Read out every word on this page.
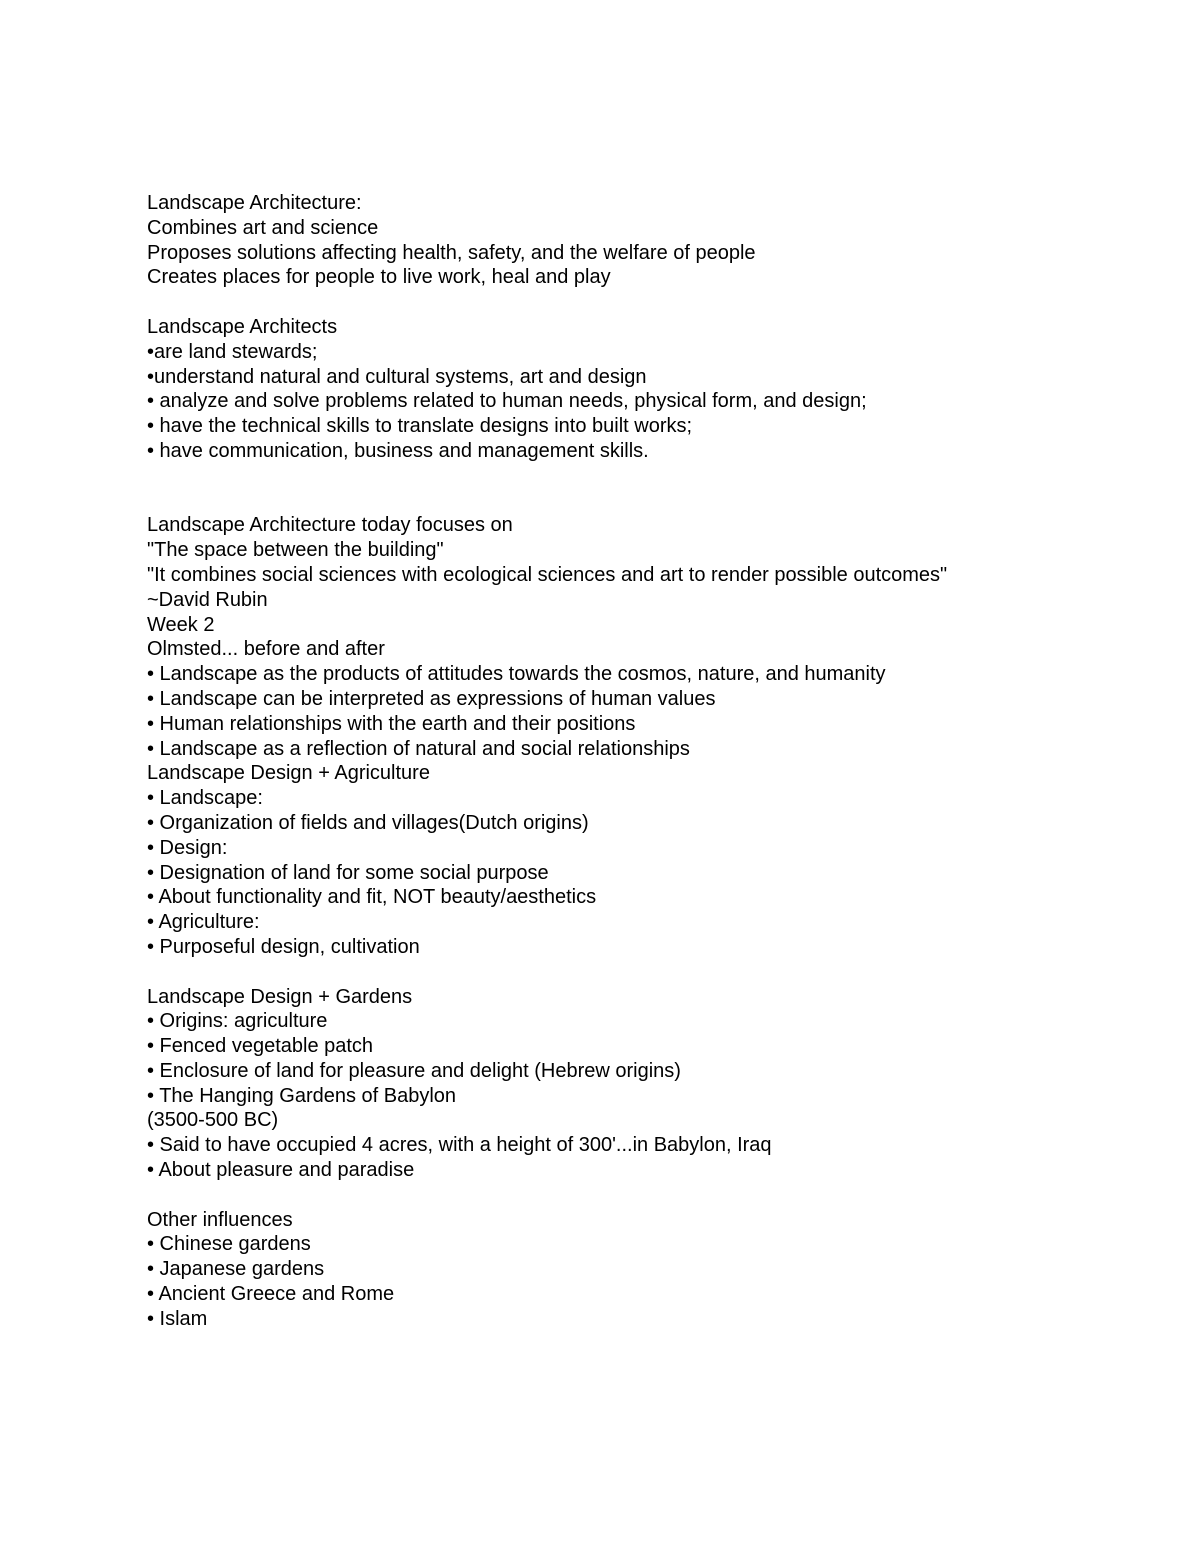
Landscape Architecture:
Combines art and science
Proposes solutions affecting health, safety, and the welfare of people
Creates places for people to live work, heal and play
Landscape Architects
•are land stewards;
•understand natural and cultural systems, art and design
• analyze and solve problems related to human needs, physical form, and design;
• have the technical skills to translate designs into built works;
• have communication, business and management skills.
Landscape Architecture today focuses on
"The space between the building"
"It combines social sciences with ecological sciences and art to render possible outcomes"
~David Rubin
Week 2
Olmsted... before and after
• Landscape as the products of attitudes towards the cosmos, nature, and humanity
• Landscape can be interpreted as expressions of human values
• Human relationships with the earth and their positions
• Landscape as a reflection of natural and social relationships
Landscape Design + Agriculture
• Landscape:
• Organization of fields and villages(Dutch origins)
• Design:
• Designation of land for some social purpose
• About functionality and fit, NOT beauty/aesthetics
• Agriculture:
• Purposeful design, cultivation
Landscape Design + Gardens
• Origins: agriculture
• Fenced vegetable patch
• Enclosure of land for pleasure and delight (Hebrew origins)
• The Hanging Gardens of Babylon
(3500-500 BC)
• Said to have occupied 4 acres, with a height of 300'...in Babylon, Iraq
• About pleasure and paradise
Other influences
• Chinese gardens
• Japanese gardens
• Ancient Greece and Rome
• Islam
